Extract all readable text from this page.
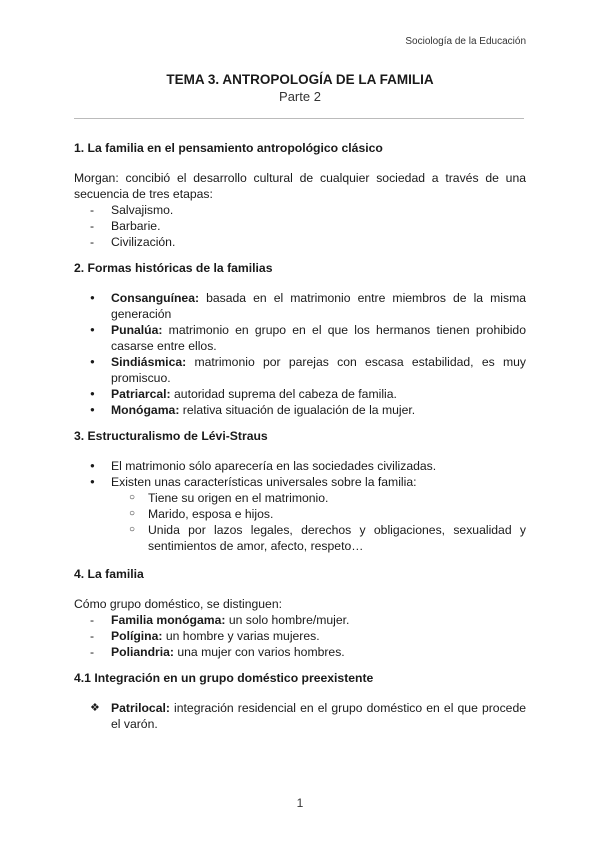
Sociología de la Educación
TEMA 3. ANTROPOLOGÍA DE LA FAMILIA
Parte 2
1. La familia en el pensamiento antropológico clásico

Morgan: concibió el desarrollo cultural de cualquier sociedad a través de una secuencia de tres etapas:

- Salvajismo.
- Barbarie.
- Civilización.
2. Formas históricas de la familias
● Consanguínea: basada en el matrimonio entre miembros de la misma generación
● Punalúa: matrimonio en grupo en el que los hermanos tienen prohibido casarse entre ellos.
● Sindiásmica: matrimonio por parejas con escasa estabilidad, es muy promiscuo.
● Patriarcal: autoridad suprema del cabeza de familia.
● Monógama: relativa situación de igualación de la mujer.
3. Estructuralismo de Lévi-Straus
● El matrimonio sólo aparecería en las sociedades civilizadas.
● Existen unas características universales sobre la familia:
○ Tiene su origen en el matrimonio.
○ Marido, esposa e hijos.
○ Unida por lazos legales, derechos y obligaciones, sexualidad y sentimientos de amor, afecto, respeto…
4. La familia

Cómo grupo doméstico, se distinguen:

- Familia monógama: un solo hombre/mujer.
- Polígina: un hombre y varias mujeres.
- Poliandria: una mujer con varios hombres.
4.1 Integración en un grupo doméstico preexistente
❖ Patrilocal: integración residencial en el grupo doméstico en el que procede el varón.
1
